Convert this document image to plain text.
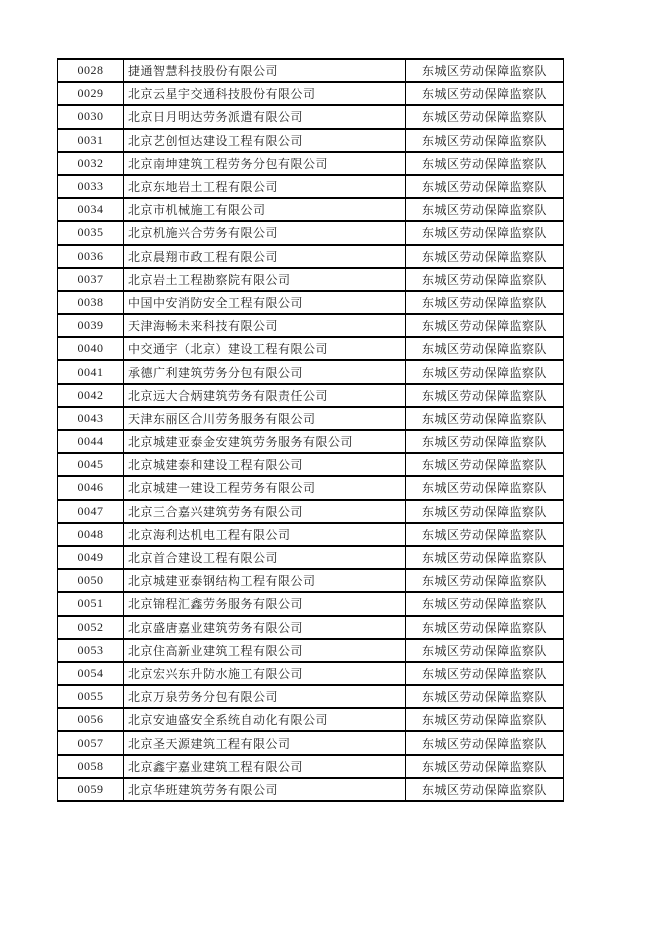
0028	捷通智慧科技股份有限公司	东城区劳动保障监察队
0029	北京云星宇交通科技股份有限公司	东城区劳动保障监察队
0030	北京日月明达劳务派遣有限公司	东城区劳动保障监察队
0031	北京艺创恒达建设工程有限公司	东城区劳动保障监察队
0032	北京南坤建筑工程劳务分包有限公司	东城区劳动保障监察队
0033	北京东地岩土工程有限公司	东城区劳动保障监察队
0034	北京市机械施工有限公司	东城区劳动保障监察队
0035	北京机施兴合劳务有限公司	东城区劳动保障监察队
0036	北京晨翔市政工程有限公司	东城区劳动保障监察队
0037	北京岩土工程勘察院有限公司	东城区劳动保障监察队
0038	中国中安消防安全工程有限公司	东城区劳动保障监察队
0039	天津海畅未来科技有限公司	东城区劳动保障监察队
0040	中交通宇（北京）建设工程有限公司	东城区劳动保障监察队
0041	承德广利建筑劳务分包有限公司	东城区劳动保障监察队
0042	北京远大合炳建筑劳务有限责任公司	东城区劳动保障监察队
0043	天津东丽区合川劳务服务有限公司	东城区劳动保障监察队
0044	北京城建亚泰金安建筑劳务服务有限公司	东城区劳动保障监察队
0045	北京城建泰和建设工程有限公司	东城区劳动保障监察队
0046	北京城建一建设工程劳务有限公司	东城区劳动保障监察队
0047	北京三合嘉兴建筑劳务有限公司	东城区劳动保障监察队
0048	北京海利达机电工程有限公司	东城区劳动保障监察队
0049	北京首合建设工程有限公司	东城区劳动保障监察队
0050	北京城建亚泰钢结构工程有限公司	东城区劳动保障监察队
0051	北京锦程汇鑫劳务服务有限公司	东城区劳动保障监察队
0052	北京盛唐嘉业建筑劳务有限公司	东城区劳动保障监察队
0053	北京住高新业建筑工程有限公司	东城区劳动保障监察队
0054	北京宏兴东升防水施工有限公司	东城区劳动保障监察队
0055	北京万泉劳务分包有限公司	东城区劳动保障监察队
0056	北京安迪盛安全系统自动化有限公司	东城区劳动保障监察队
0057	北京圣天源建筑工程有限公司	东城区劳动保障监察队
0058	北京鑫宇嘉业建筑工程有限公司	东城区劳动保障监察队
0059	北京华班建筑劳务有限公司	东城区劳动保障监察队
